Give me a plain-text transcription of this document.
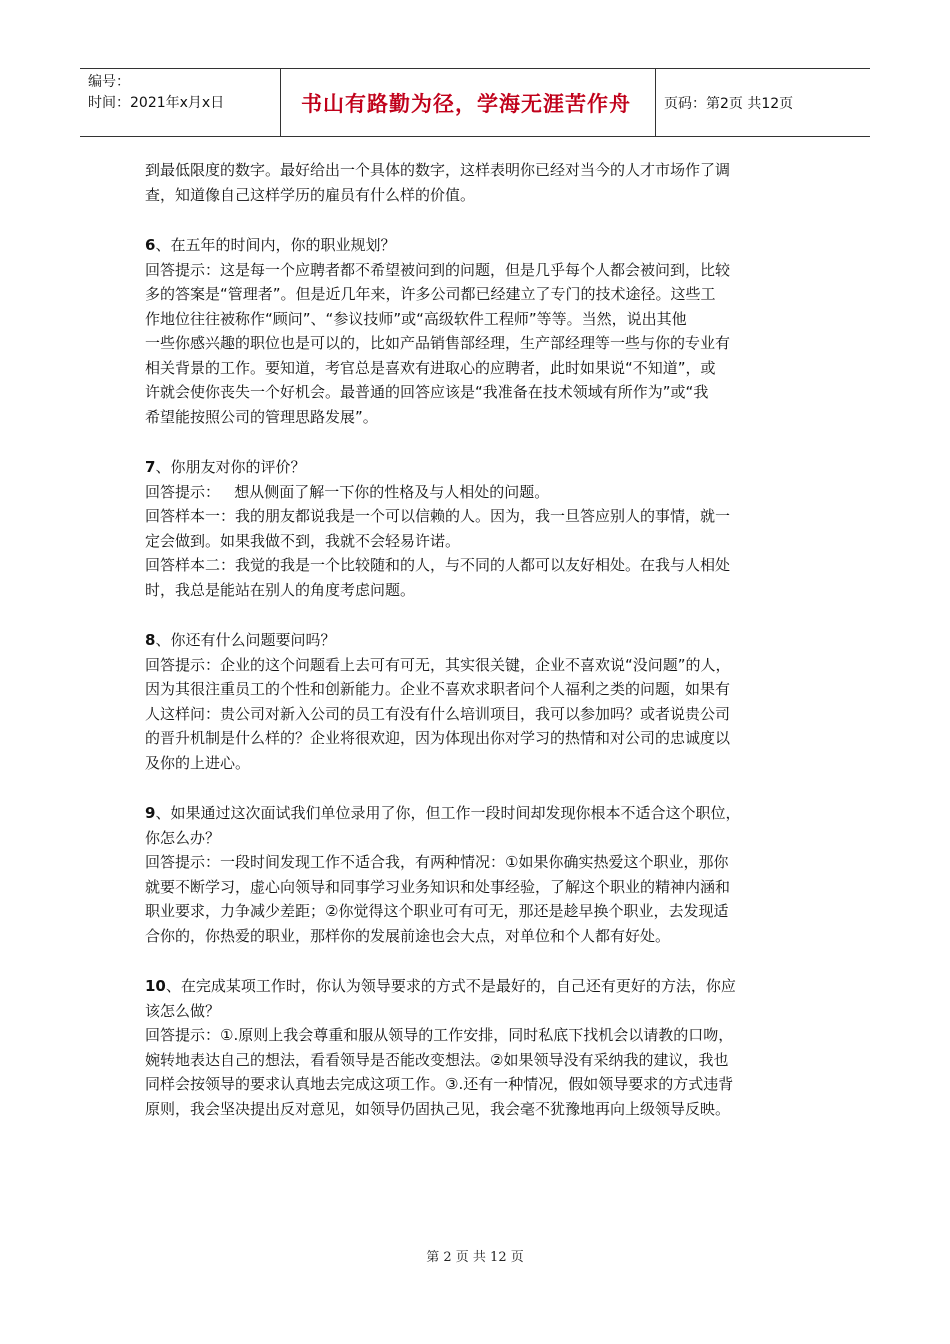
编号：
时间：2021年x月x日	书山有路勤为径，学海无涯苦作舟 页码：第2页 共12页

到最低限度的数字。最好给出一个具体的数字，这样表明你已经对当今的人才市场作了调

查，知道像自己这样学历的雇员有什么样的价值。

6、在五年的时间内，你的职业规划？

回答提示：这是每一个应聘者都不希望被问到的问题，但是几乎每个人都会被问到，比较

多的答案是“管理者”。但是近几年来，许多公司都已经建立了专门的技术途径。这些工

作地位往往被称作“顾问”、“参议技师”或“高级软件工程师”等等。当然，说出其他

一些你感兴趣的职位也是可以的，比如产品销售部经理，生产部经理等一些与你的专业有

相关背景的工作。要知道，考官总是喜欢有进取心的应聘者，此时如果说“不知道”，或

许就会使你丧失一个好机会。最普通的回答应该是“我准备在技术领域有所作为”或“我

希望能按照公司的管理思路发展”。

7、你朋友对你的评价？

回答提示：   想从侧面了解一下你的性格及与人相处的问题。

回答样本一：我的朋友都说我是一个可以信赖的人。因为，我一旦答应别人的事情，就一

定会做到。如果我做不到，我就不会轻易许诺。

回答样本二：我觉的我是一个比较随和的人，与不同的人都可以友好相处。在我与人相处

时，我总是能站在别人的角度考虑问题。

8、你还有什么问题要问吗？

回答提示：企业的这个问题看上去可有可无，其实很关键，企业不喜欢说“没问题”的人，

因为其很注重员工的个性和创新能力。企业不喜欢求职者问个人福利之类的问题，如果有

人这样问：贵公司对新入公司的员工有没有什么培训项目，我可以参加吗？或者说贵公司

的晋升机制是什么样的？企业将很欢迎，因为体现出你对学习的热情和对公司的忠诚度以

及你的上进心。

9、如果通过这次面试我们单位录用了你，但工作一段时间却发现你根本不适合这个职位，

你怎么办？

回答提示：一段时间发现工作不适合我，有两种情况：①如果你确实热爱这个职业，那你

就要不断学习，虚心向领导和同事学习业务知识和处事经验，了解这个职业的精神内涵和

职业要求，力争减少差距；②你觉得这个职业可有可无，那还是趁早换个职业，去发现适

合你的，你热爱的职业，那样你的发展前途也会大点，对单位和个人都有好处。

10、在完成某项工作时，你认为领导要求的方式不是最好的，自己还有更好的方法，你应

该怎么做？

回答提示：①.原则上我会尊重和服从领导的工作安排，同时私底下找机会以请教的口吻，

婉转地表达自己的想法，看看领导是否能改变想法。②如果领导没有采纳我的建议，我也

同样会按领导的要求认真地去完成这项工作。③.还有一种情况，假如领导要求的方式违背

原则，我会坚决提出反对意见，如领导仍固执己见，我会毫不犹豫地再向上级领导反映。

第 2 页 共 12 页
